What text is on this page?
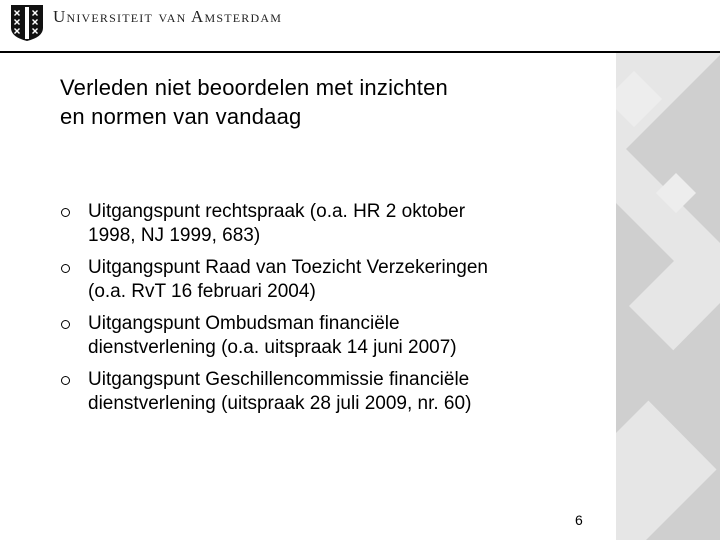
Universiteit van Amsterdam
Verleden niet beoordelen met inzichten
en normen van vandaag
Uitgangspunt rechtspraak (o.a. HR 2 oktober
1998, NJ 1999, 683)
Uitgangspunt Raad van Toezicht Verzekeringen
(o.a. RvT 16 februari 2004)
Uitgangspunt Ombudsman financiële
dienstverlening (o.a. uitspraak 14 juni 2007)
Uitgangspunt Geschillencommissie financiële
dienstverlening (uitspraak 28 juli 2009, nr. 60)
6
